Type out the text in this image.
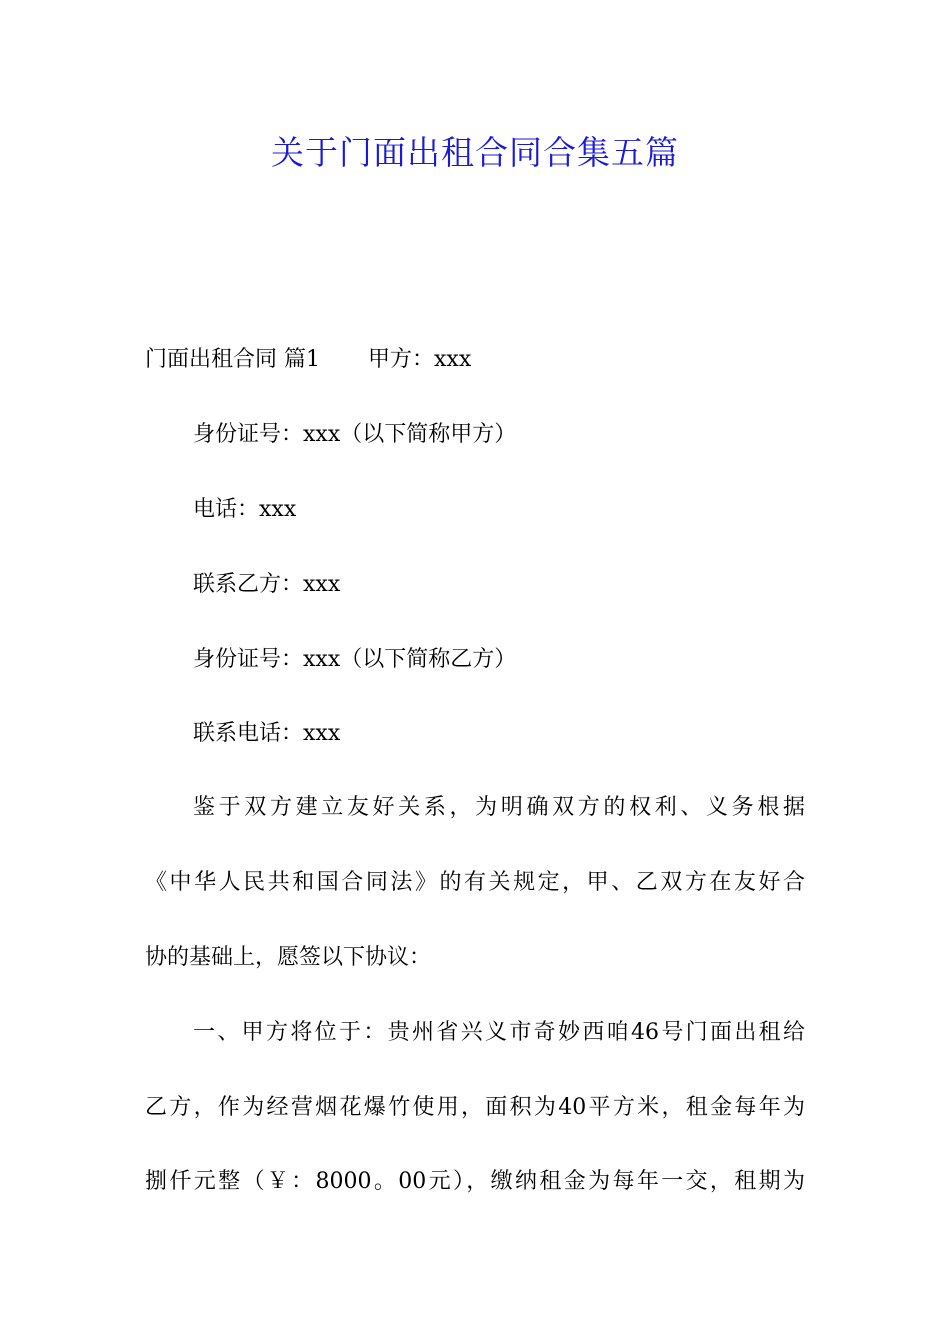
关于门面出租合同合集五篇
门面出租合同 篇1 甲方：xxx
身份证号：xxx（以下简称甲方）
电话：xxx
联系乙方：xxx
身份证号：xxx（以下简称乙方）
联系电话：xxx
鉴于双方建立友好关系，为明确双方的权利、义务根据
《中华人民共和国合同法》的有关规定，甲、乙双方在友好合
协的基础上，愿签以下协议：
一、甲方将位于：贵州省兴义市奇妙西咱46号门面出租给
乙方，作为经营烟花爆竹使用，面积为40平方米，租金每年为
捌仟元整（￥：8000。00元），缴纳租金为每年一交，租期为
